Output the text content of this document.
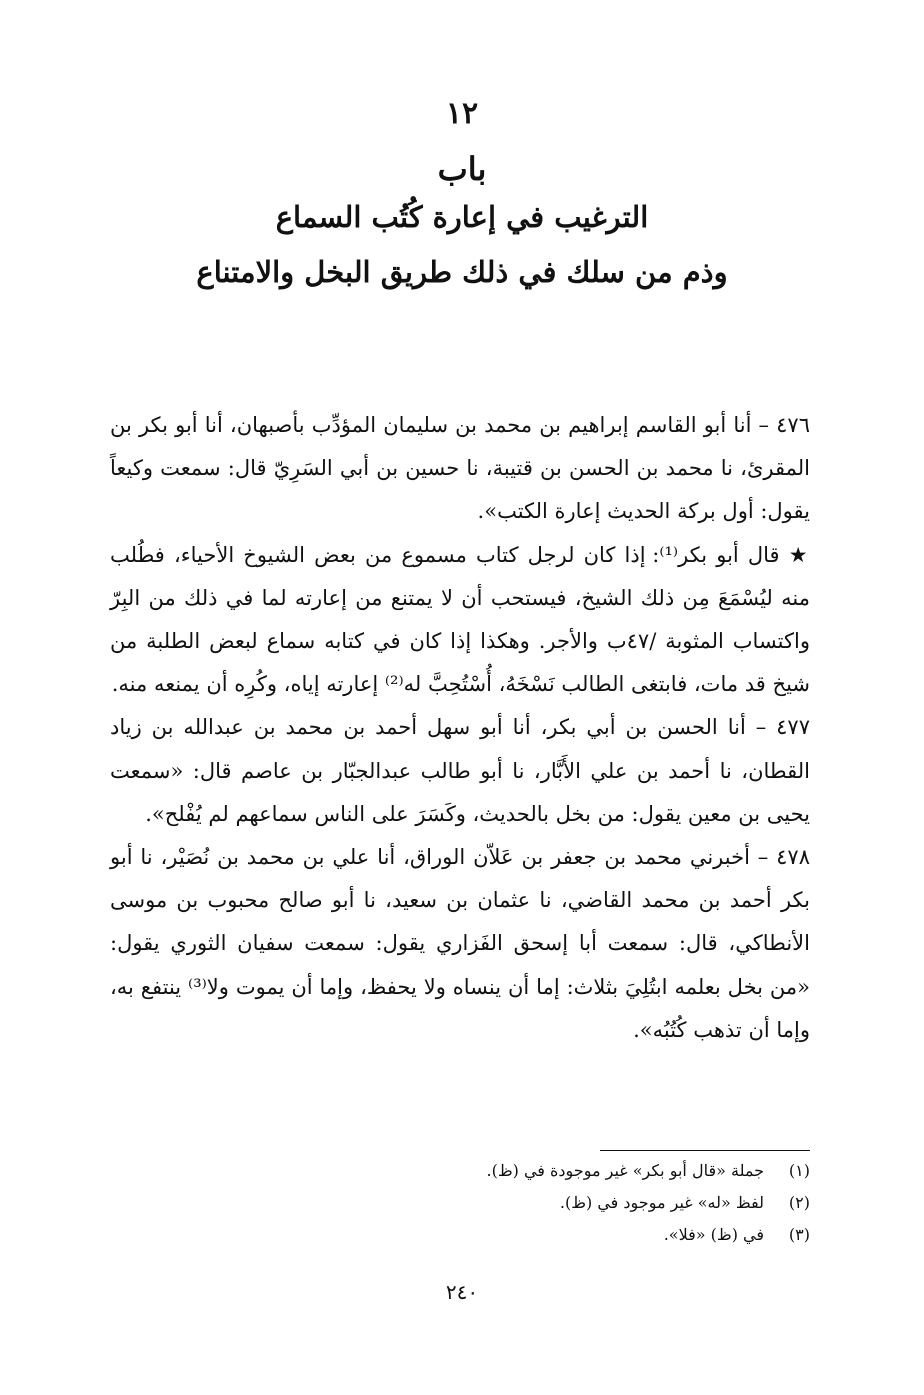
١٢
باب
الترغيب في إعارة كُتُب السماع
وذم من سلك في ذلك طريق البخل والامتناع

٤٧٦ – أنا أبو القاسم إبراهيم بن محمد بن سليمان المؤدِّب بأصبهان، أنا أبو بكر بن المقرئ، نا محمد بن الحسن بن قتيبة، نا حسين بن أبي السَرِيّ قال: سمعت وكيعاً يقول: أول بركة الحديث إعارة الكتب».

★ قال أبو بكر⁽¹⁾: إذا كان لرجل كتاب مسموع من بعض الشيوخ الأحياء، فطُلب منه ليُسْمَعَ مِن ذلك الشيخ، فيستحب أن لا يمتنع من إعارته لما في ذلك من البِرّ واكتساب المثوبة /٤٧ب والأجر. وهكذا إذا كان في كتابه سماع لبعض الطلبة من شيخ قد مات، فابتغى الطالب نَسْخَهُ، أُسْتُحِبَّ له⁽²⁾ إعارته إياه، وكُرِه أن يمنعه منه.

٤٧٧ – أنا الحسن بن أبي بكر، أنا أبو سهل أحمد بن محمد بن عبدالله بن زياد القطان، نا أحمد بن علي الأَبَّار، نا أبو طالب عبدالجبّار بن عاصم قال: «سمعت يحيى بن معين يقول: من بخل بالحديث، وكَسَرَ على الناس سماعهم لم يُفْلح».

٤٧٨ – أخبرني محمد بن جعفر بن عَلاّن الوراق، أنا علي بن محمد بن نُصَيْر، نا أبو بكر أحمد بن محمد القاضي، نا عثمان بن سعيد، نا أبو صالح محبوب بن موسى الأنطاكي، قال: سمعت أبا إسحق الفَزاري يقول: سمعت سفيان الثوري يقول: «من بخل بعلمه ابتُلِيَ بثلاث: إما أن ينساه ولا يحفظ، وإما أن يموت ولا⁽³⁾ ينتفع به، وإما أن تذهب كُتُبُه».

(١)
جملة «قال أبو بكر» غير موجودة في (ظ).
(٢)
لفظ «له» غير موجود في (ظ).
(٣)
في (ظ) «فلا».
٢٤٠
